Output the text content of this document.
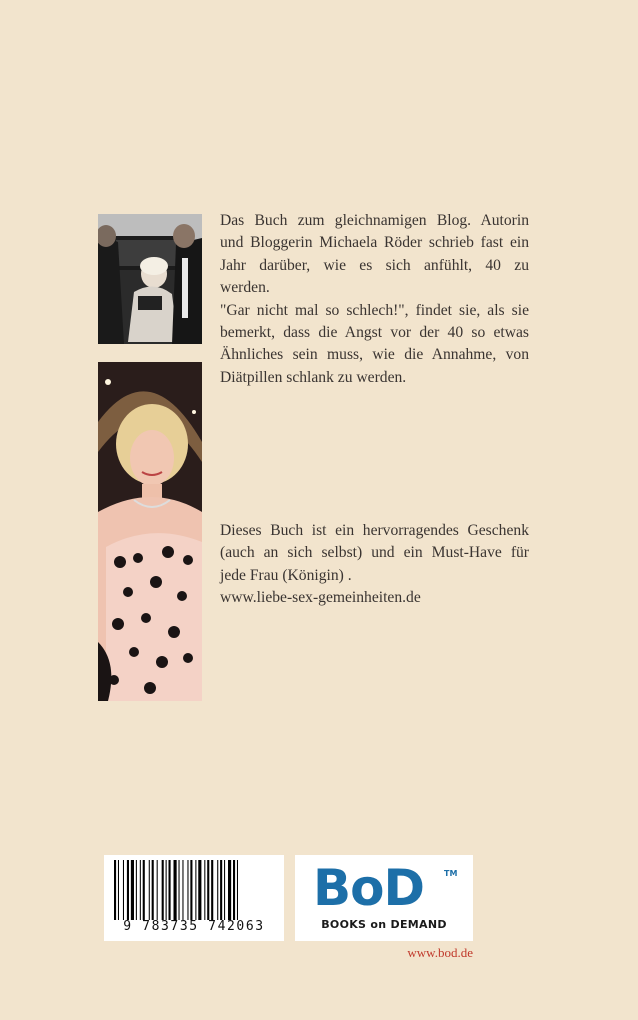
Das Buch zum gleichnamigen Blog. Autorin
und Bloggerin Michaela Röder schrieb fast ein
Jahr darüber, wie es sich anfühlt, 40 zu
werden.

"Gar nicht mal so schlech!", findet sie, als sie
bemerkt, dass die Angst vor der 40 so etwas
Ähnliches sein muss, wie die Annahme, von
Diätpillen schlank zu werden.

Dieses Buch ist ein hervorragendes Geschenk
(auch an sich selbst) und ein Must-Have für
jede Frau (Königin) .
www.liebe-sex-gemeinheiten.de

9 783735 742063
BoD	TM
BOOKS on DEMAND
www.bod.de
